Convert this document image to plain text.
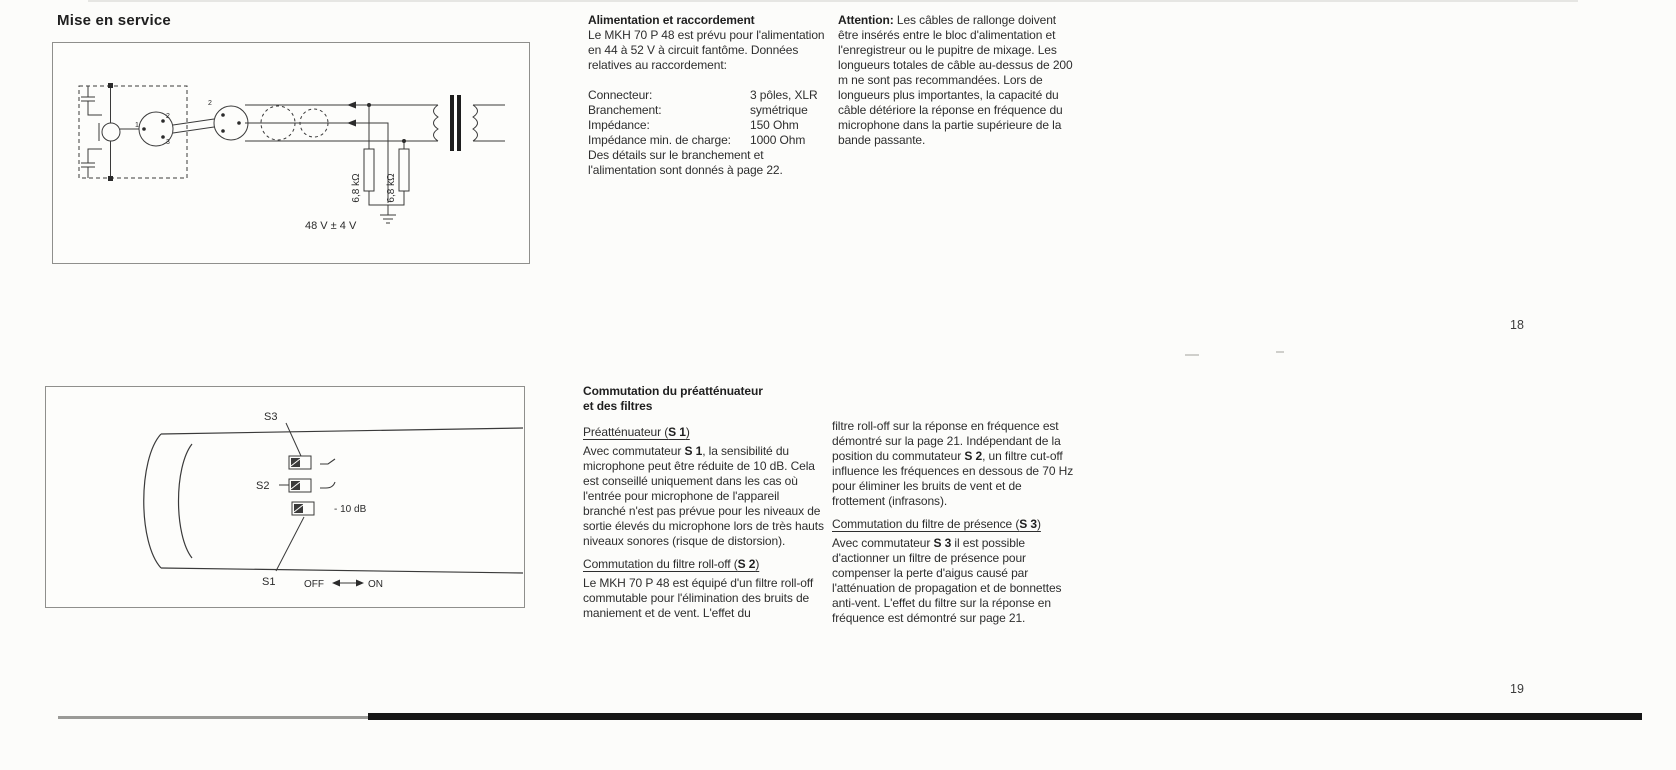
Mise en service
1
2
3
2
6,8 kΩ 6,8 kΩ
48 V ± 4 V
Alimentation et raccordement

Le MKH 70 P 48 est prévu pour l'alimentation en 44 à 52 V à circuit fantôme. Données relatives au raccordement:

Connecteur:	3 pôles, XLR
Branchement:	symétrique
Impédance:	150 Ohm
Impédance min. de charge:	1000 Ohm

Des détails sur le branchement et l'alimentation sont donnés à page 22.

Attention: Les câbles de rallonge doivent être insérés entre le bloc d'alimentation et l'enregistreur ou le pupitre de mixage. Les longueurs totales de câble au-dessus de 200 m ne sont pas recommandées. Lors de longueurs plus importantes, la capacité du câble détériore la réponse en fréquence du microphone dans la partie supérieure de la bande passante.

18
S3
S2
S1
- 10 dB
OFF	ON
Commutation du préatténuateur
et des filtres
Préatténuateur (S 1)

Avec commutateur S 1, la sensibilité du microphone peut être réduite de 10 dB. Cela est conseillé uniquement dans les cas où l'entrée pour microphone de l'appareil branché n'est pas prévue pour les niveaux de sortie élevés du microphone lors de très hauts niveaux sonores (risque de distorsion).

Commutation du filtre roll-off (S 2)

Le MKH 70 P 48 est équipé d'un filtre roll-off commutable pour l'élimination des bruits de maniement et de vent. L'effet du

filtre roll-off sur la réponse en fréquence est démontré sur la page 21. Indépendant de la position du commutateur S 2, un filtre cut-off influence les fréquences en dessous de 70 Hz pour éliminer les bruits de vent et de frottement (infrasons).

Commutation du filtre de présence (S 3)

Avec commutateur S 3 il est possible d'actionner un filtre de présence pour compenser la perte d'aigus causé par l'atténuation de propagation et de bonnettes anti-vent. L'effet du filtre sur la réponse en fréquence est démontré sur page 21.

19
